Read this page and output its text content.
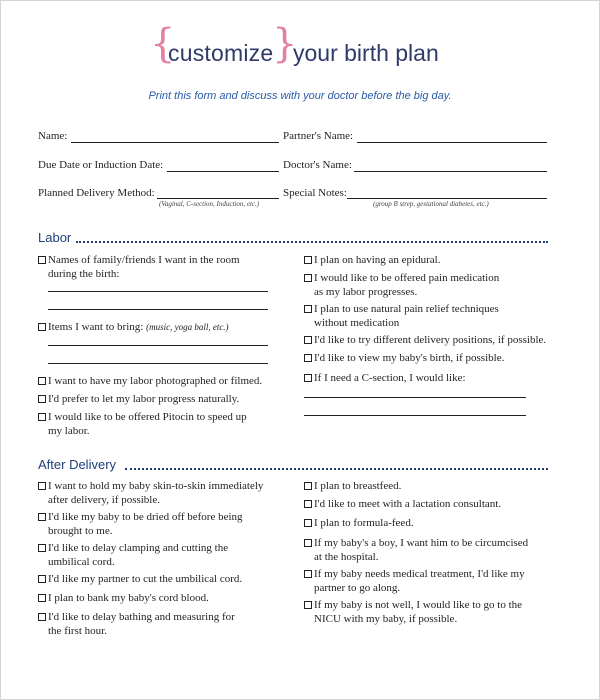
{
customize
}
your birth plan
Print this form and discuss with your doctor before the big day.
Name:	Partner's Name:
Due Date or Induction Date:	Doctor's Name:
Planned Delivery Method:
(Vaginal, C-section, Induction, etc.)
Special Notes:
(group B strep, gestational diabetes, etc.)
Labor
Names of family/friends I want in the room
during the birth:
Items I want to bring: (music, yoga ball, etc.)
I want to have my labor photographed or filmed.
I'd prefer to let my labor progress naturally.
I would like to be offered Pitocin to speed up
my labor.
I plan on having an epidural.
I would like to be offered pain medication
as my labor progresses.
I plan to use natural pain relief techniques
without medication
I'd like to try different delivery positions, if possible.
I'd like to view my baby's birth, if possible.
If I need a C-section, I would like:
After Delivery
I want to hold my baby skin-to-skin immediately
after delivery, if possible.
I'd like my baby to be dried off before being
brought to me.
I'd like to delay clamping and cutting the
umbilical cord.
I'd like my partner to cut the umbilical cord.
I plan to bank my baby's cord blood.
I'd like to delay bathing and measuring for
the first hour.
I plan to breastfeed.
I'd like to meet with a lactation consultant.
I plan to formula-feed.
If my baby's a boy, I want him to be circumcised
at the hospital.
If my baby needs medical treatment, I'd like my
partner to go along.
If my baby is not well, I would like to go to the
NICU with my baby, if possible.
